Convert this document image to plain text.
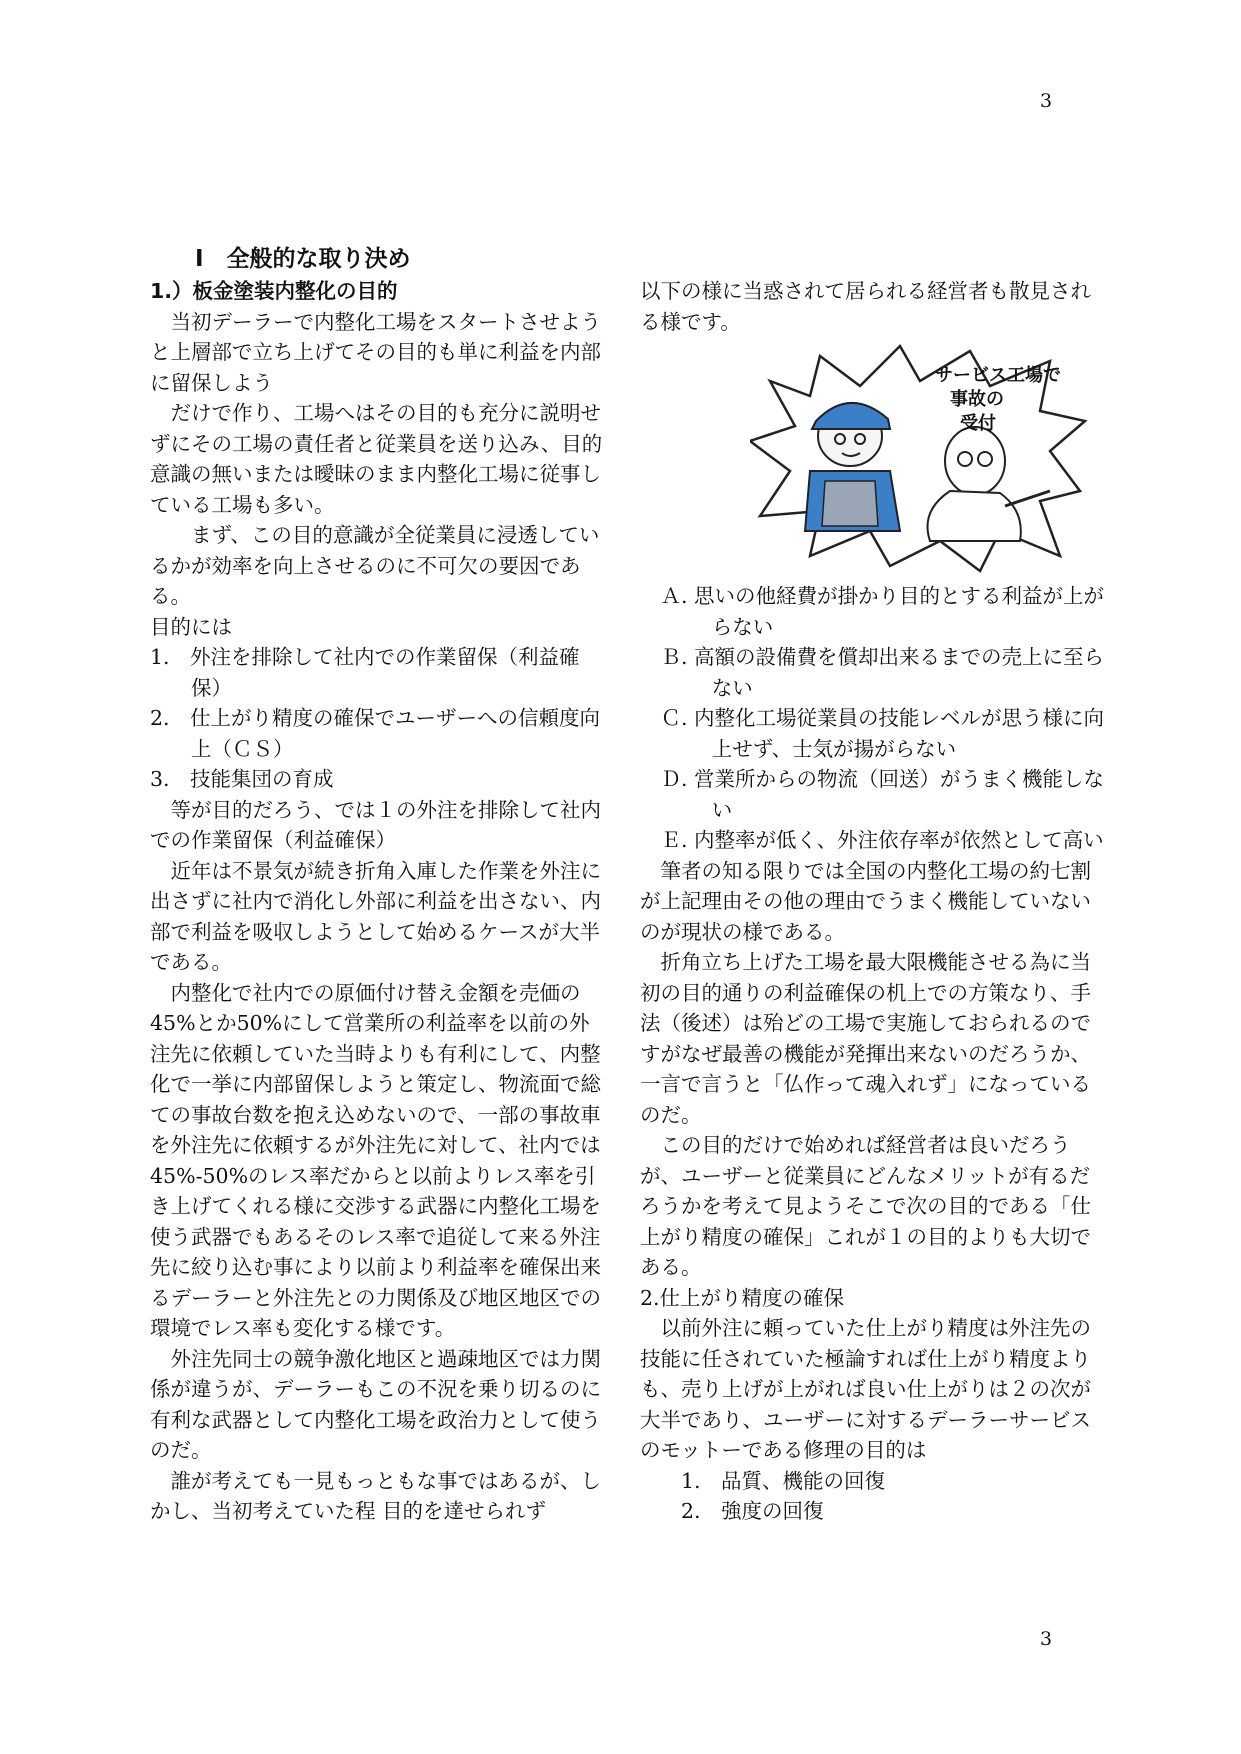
3
Ⅰ　全般的な取り決め

1.）板金塗装内整化の目的

当初デーラーで内整化工場をスタートさせようと上層部で立ち上げてその目的も単に利益を内部に留保しよう

だけで作り、工場へはその目的も充分に説明せずにその工場の責任者と従業員を送り込み、目的意識の無いまたは曖昧のまま内整化工場に従事している工場も多い。

まず、この目的意識が全従業員に浸透しているかが効率を向上させるのに不可欠の要因である。

目的には

1.　外注を排除して社内での作業留保（利益確保）

2.　仕上がり精度の確保でユーザーへの信頼度向上（ＣＳ）

3.　技能集団の育成

等が目的だろう、では１の外注を排除して社内での作業留保（利益確保）

近年は不景気が続き折角入庫した作業を外注に出さずに社内で消化し外部に利益を出さない、内部で利益を吸収しようとして始めるケースが大半である。

内整化で社内での原価付け替え金額を売価の45%とか50%にして営業所の利益率を以前の外注先に依頼していた当時よりも有利にして、内整化で一挙に内部留保しようと策定し、物流面で総ての事故台数を抱え込めないので、一部の事故車を外注先に依頼するが外注先に対して、社内では45%-50%のレス率だからと以前よりレス率を引き上げてくれる様に交渉する武器に内整化工場を使う武器でもあるそのレス率で追従して来る外注先に絞り込む事により以前より利益率を確保出来るデーラーと外注先との力関係及び地区地区での環境でレス率も変化する様です。

外注先同士の競争激化地区と過疎地区では力関係が違うが、デーラーもこの不況を乗り切るのに有利な武器として内整化工場を政治力として使うのだ。

誰が考えても一見もっともな事ではあるが、しかし、当初考えていた程 目的を達せられず

以下の様に当惑されて居られる経営者も散見される様です。

サービス工場で
事故の
受付

Ａ. 思いの他経費が掛かり目的とする利益が上がらない

Ｂ. 高額の設備費を償却出来るまでの売上に至らない

Ｃ. 内整化工場従業員の技能レベルが思う様に向上せず、士気が揚がらない

Ｄ. 営業所からの物流（回送）がうまく機能しない

Ｅ. 内整率が低く、外注依存率が依然として高い

筆者の知る限りでは全国の内整化工場の約七割が上記理由その他の理由でうまく機能していないのが現状の様である。

折角立ち上げた工場を最大限機能させる為に当初の目的通りの利益確保の机上での方策なり、手法（後述）は殆どの工場で実施しておられるのですがなぜ最善の機能が発揮出来ないのだろうか、一言で言うと「仏作って魂入れず」になっているのだ。

この目的だけで始めれば経営者は良いだろうが、ユーザーと従業員にどんなメリットが有るだろうかを考えて見ようそこで次の目的である「仕上がり精度の確保」これが１の目的よりも大切である。

2.仕上がり精度の確保

以前外注に頼っていた仕上がり精度は外注先の技能に任されていた極論すれば仕上がり精度よりも、売り上げが上がれば良い仕上がりは２の次が大半であり、ユーザーに対するデーラーサービスのモットーである修理の目的は

1.　品質、機能の回復

2.　強度の回復

3
